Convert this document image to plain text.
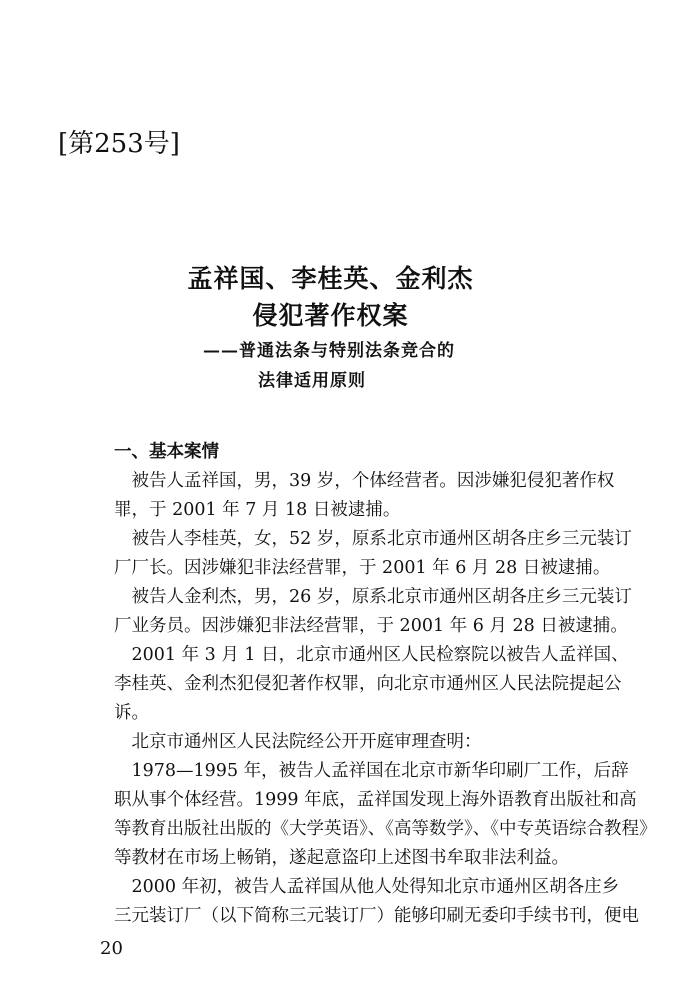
[第253号]
孟祥国、李桂英、金利杰
侵犯著作权案
——普通法条与特别法条竞合的
法律适用原则
一、基本案情
　被告人孟祥国，男，39 岁，个体经营者。因涉嫌犯侵犯著作权
罪，于 2001 年 7 月 18 日被逮捕。
　被告人李桂英，女，52 岁，原系北京市通州区胡各庄乡三元装订
厂厂长。因涉嫌犯非法经营罪，于 2001 年 6 月 28 日被逮捕。
　被告人金利杰，男，26 岁，原系北京市通州区胡各庄乡三元装订
厂业务员。因涉嫌犯非法经营罪，于 2001 年 6 月 28 日被逮捕。
　2001 年 3 月 1 日，北京市通州区人民检察院以被告人孟祥国、
李桂英、金利杰犯侵犯著作权罪，向北京市通州区人民法院提起公
诉。
　北京市通州区人民法院经公开开庭审理查明：
　1978—1995 年，被告人孟祥国在北京市新华印刷厂工作，后辞
职从事个体经营。1999 年底，孟祥国发现上海外语教育出版社和高
等教育出版社出版的《大学英语》、《高等数学》、《中专英语综合教程》
等教材在市场上畅销，遂起意盗印上述图书牟取非法利益。
　2000 年初，被告人孟祥国从他人处得知北京市通州区胡各庄乡
三元装订厂（以下简称三元装订厂）能够印刷无委印手续书刊，便电
20
